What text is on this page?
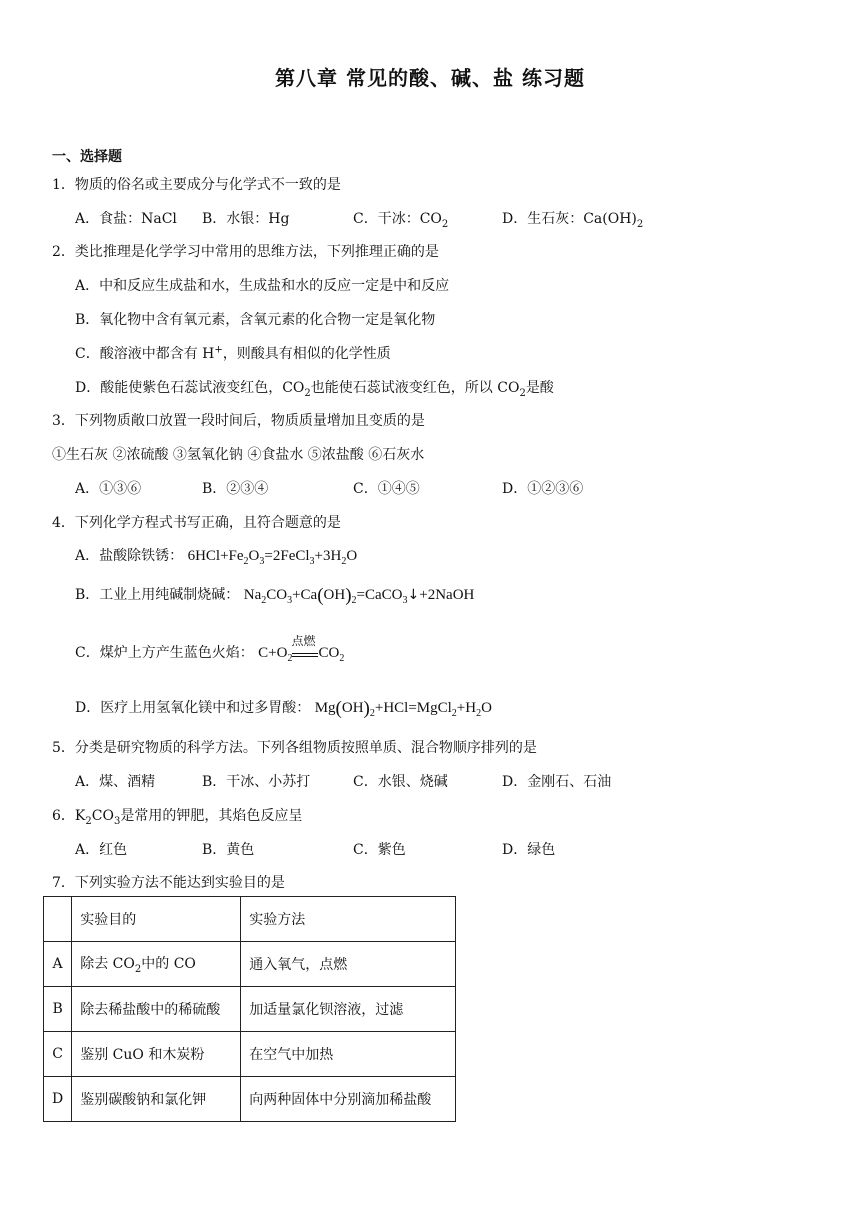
第八章 常见的酸、碱、盐 练习题
一、选择题
1．物质的俗名或主要成分与化学式不一致的是
A．食盐：NaCl B．水银：Hg	C．干冰：$CO_2$	D．生石灰：$Ca(OH)_2$
2．类比推理是化学学习中常用的思维方法，下列推理正确的是
A．中和反应生成盐和水，生成盐和水的反应一定是中和反应
B．氧化物中含有氧元素，含氧元素的化合物一定是氧化物
C．酸溶液中都含有 H+，则酸具有相似的化学性质
D．酸能使紫色石蕊试液变红色，$CO_2$也能使石蕊试液变红色，所以 $CO_2$是酸
3．下列物质敞口放置一段时间后，物质质量增加且变质的是
①生石灰 ②浓硫酸 ③氢氧化钠 ④食盐水 ⑤浓盐酸 ⑥石灰水
A．①③⑥	B．②③④	C．①④⑤	D．①②③⑥
4．下列化学方程式书写正确，且符合题意的是
A．盐酸除铁锈： $6HCl+Fe_2O_3=2FeCl_3+3H_2O$
B．工业上用纯碱制烧碱： $Na_2CO_3+Ca(OH)_2=CaCO_3↓+2NaOH$
C．煤炉上方产生蓝色火焰： $C+O_2$
点燃
$CO_2$
D．医疗上用氢氧化镁中和过多胃酸： $Mg(OH)_2+HCl=MgCl_2+H_2O$
5．分类是研究物质的科学方法。下列各组物质按照单质、混合物顺序排列的是
A．煤、酒精	B．干冰、小苏打	C．水银、烧碱	D．金刚石、石油
6．$K_2CO_3$是常用的钾肥，其焰色反应呈
A．红色	B．黄色	C．紫色	D．绿色
7．下列实验方法不能达到实验目的是
	实验目的	实验方法
A	除去 $CO_2$中的 CO	通入氧气，点燃
B	除去稀盐酸中的稀硫酸	加适量氯化钡溶液，过滤
C	鉴别 CuO 和木炭粉	在空气中加热
D	鉴别碳酸钠和氯化钾	向两种固体中分别滴加稀盐酸
